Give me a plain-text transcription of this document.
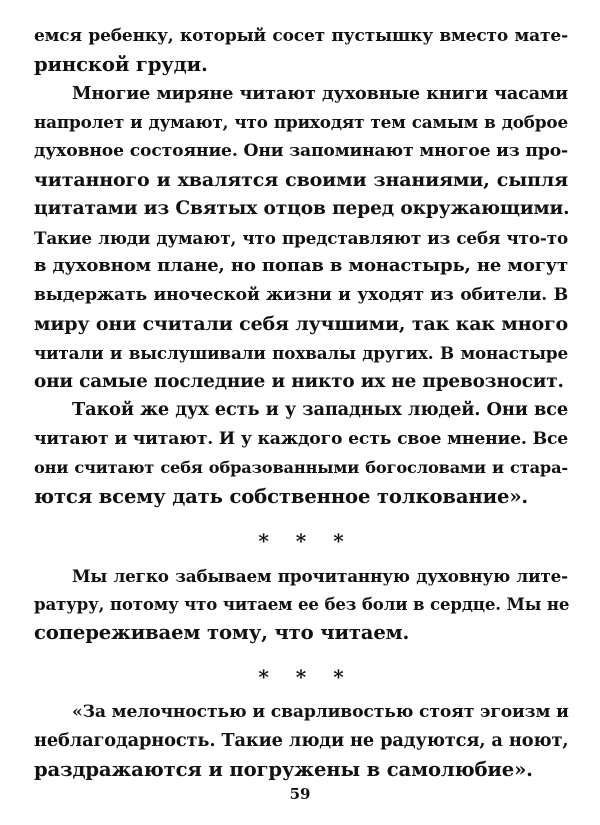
емся ребенку, который сосет пустышку вместо мате-
ринской груди.
Многие миряне читают духовные книги часами
напролет и думают, что приходят тем самым в доброе
духовное состояние. Они запоминают многое из про-
читанного и хвалятся своими знаниями, сыпля
цитатами из Святых отцов перед окружающими.
Такие люди думают, что представляют из себя что-то
в духовном плане, но попав в монастырь, не могут
выдержать иноческой жизни и уходят из обители. В
миру они считали себя лучшими, так как много
читали и выслушивали похвалы других. В монастыре
они самые последние и никто их не превозносит.
Такой же дух есть и у западных людей. Они все
читают и читают. И у каждого есть свое мнение. Все
они считают себя образованными богословами и стара-
ются всему дать собственное толкование».
* * *
Мы легко забываем прочитанную духовную лите-
ратуру, потому что читаем ее без боли в сердце. Мы не
сопереживаем тому, что читаем.
* * *
«За мелочностью и сварливостью стоят эгоизм и
неблагодарность. Такие люди не радуются, а ноют,
раздражаются и погружены в самолюбие».
59
